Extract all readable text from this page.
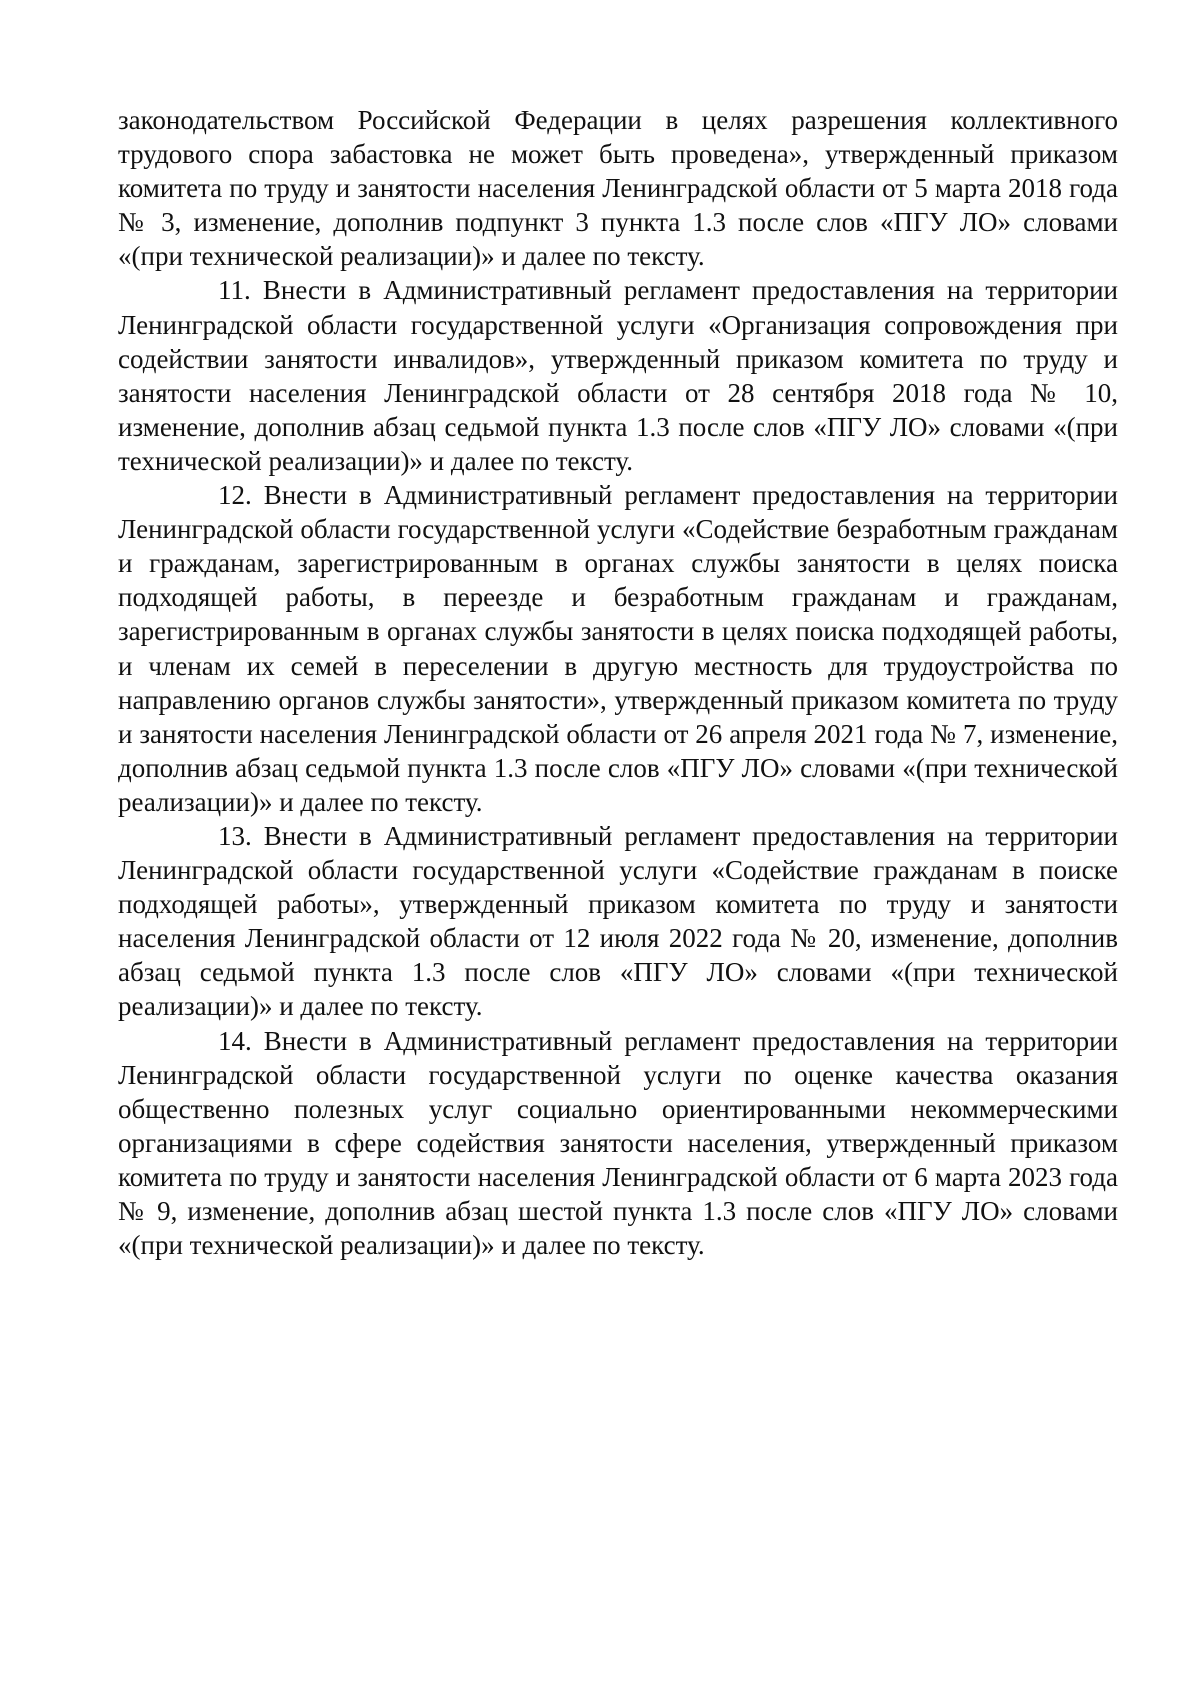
законодательством Российской Федерации в целях разрешения коллективного трудового спора забастовка не может быть проведена», утвержденный приказом комитета по труду и занятости населения Ленинградской области от 5 марта 2018 года № 3, изменение, дополнив подпункт 3 пункта 1.3 после слов «ПГУ ЛО» словами «(при технической реализации)» и далее по тексту.

11. Внести в Административный регламент предоставления на территории Ленинградской области государственной услуги «Организация сопровождения при содействии занятости инвалидов», утвержденный приказом комитета по труду и занятости населения Ленинградской области от 28 сентября 2018 года № 10, изменение, дополнив абзац седьмой пункта 1.3 после слов «ПГУ ЛО» словами «(при технической реализации)» и далее по тексту.

12. Внести в Административный регламент предоставления на территории Ленинградской области государственной услуги «Содействие безработным гражданам и гражданам, зарегистрированным в органах службы занятости в целях поиска подходящей работы, в переезде и безработным гражданам и гражданам, зарегистрированным в органах службы занятости в целях поиска подходящей работы, и членам их семей в переселении в другую местность для трудоустройства по направлению органов службы занятости», утвержденный приказом комитета по труду и занятости населения Ленинградской области от 26 апреля 2021 года № 7, изменение, дополнив абзац седьмой пункта 1.3 после слов «ПГУ ЛО» словами «(при технической реализации)» и далее по тексту.

13. Внести в Административный регламент предоставления на территории Ленинградской области государственной услуги «Содействие гражданам в поиске подходящей работы», утвержденный приказом комитета по труду и занятости населения Ленинградской области от 12 июля 2022 года № 20, изменение, дополнив абзац седьмой пункта 1.3 после слов «ПГУ ЛО» словами «(при технической реализации)» и далее по тексту.

14. Внести в Административный регламент предоставления на территории Ленинградской области государственной услуги по оценке качества оказания общественно полезных услуг социально ориентированными некоммерческими организациями в сфере содействия занятости населения, утвержденный приказом комитета по труду и занятости населения Ленинградской области от 6 марта 2023 года № 9, изменение, дополнив абзац шестой пункта 1.3 после слов «ПГУ ЛО» словами «(при технической реализации)» и далее по тексту.
